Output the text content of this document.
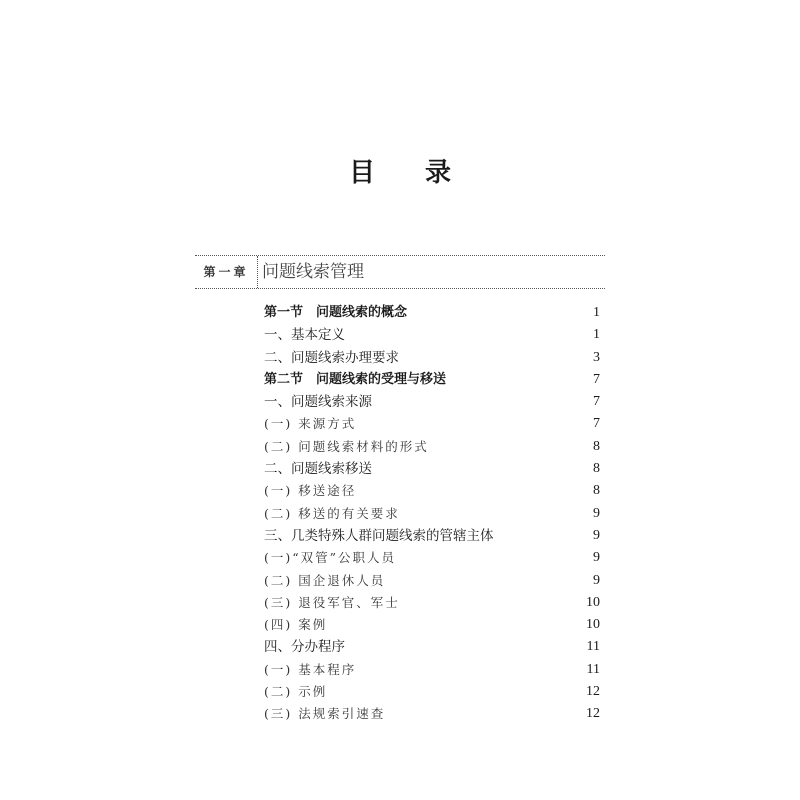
目 录
第一章 问题线索管理
第一节　问题线索的概念	1
一、基本定义	1
二、问题线索办理要求	3
第二节　问题线索的受理与移送	7
一、问题线索来源	7
(一) 来源方式	7
(二) 问题线索材料的形式	8
二、问题线索移送	8
(一) 移送途径	8
(二) 移送的有关要求	9
三、几类特殊人群问题线索的管辖主体	9
(一)“双管”公职人员	9
(二) 国企退休人员	9
(三) 退役军官、军士	10
(四) 案例	10
四、分办程序	11
(一) 基本程序	11
(二) 示例	12
(三) 法规索引速查	12
